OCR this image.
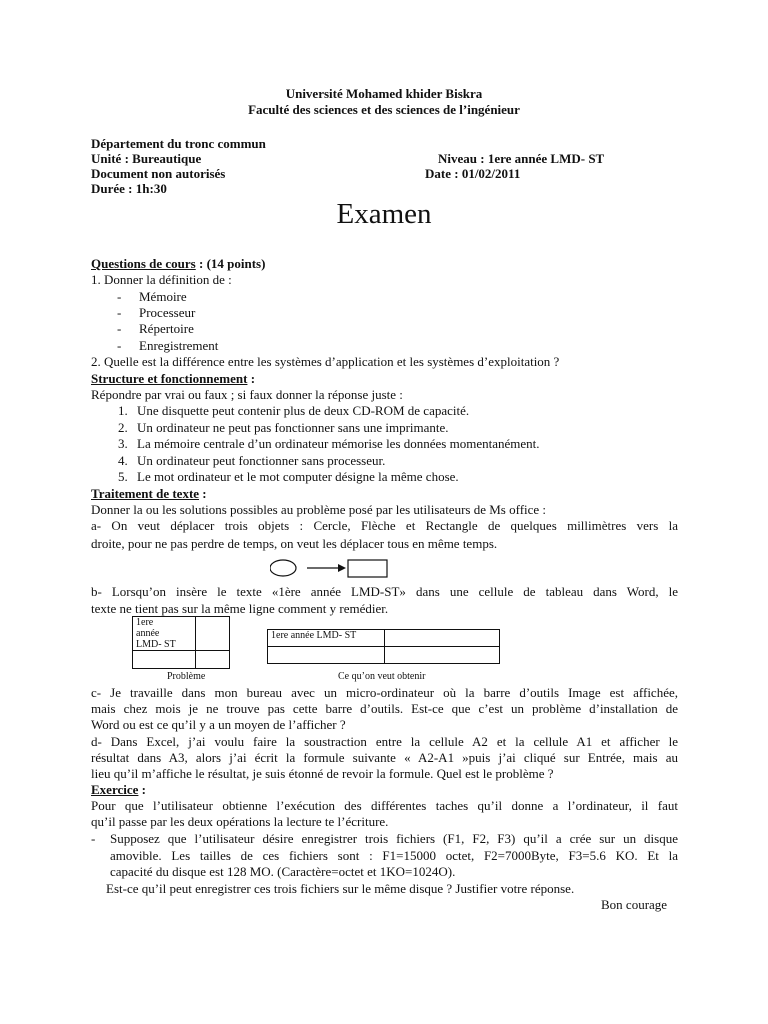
Université Mohamed khider Biskra
Faculté des sciences et des sciences de l’ingénieur
Département du tronc commun
Unité : Bureautique	Niveau : 1ere année LMD- ST
Document non autorisés	Date : 01/02/2011
Durée : 1h:30
Examen
Questions de cours : (14 points)
1. Donner la définition de :
- Mémoire
- Processeur
- Répertoire
- Enregistrement
2. Quelle est la différence entre les systèmes d’application et les systèmes d’exploitation ?
Structure et fonctionnement :
Répondre par vrai ou faux ; si faux donner la réponse juste :
1. Une disquette peut contenir plus de deux CD-ROM de capacité.
2. Un ordinateur ne peut pas fonctionner sans une imprimante.
3. La mémoire centrale d’un ordinateur mémorise les données momentanément.
4. Un ordinateur peut fonctionner sans processeur.
5. Le mot ordinateur et le mot computer désigne la même chose.
Traitement de texte :
Donner la ou les solutions possibles au problème posé par les utilisateurs de Ms office :
a- On veut déplacer trois objets : Cercle, Flèche et Rectangle de quelques millimètres vers la
droite, pour ne pas perdre de temps, on veut les déplacer tous en même temps.
b- Lorsqu’on insère le texte «1ère année LMD-ST» dans une cellule de tableau dans Word, le
texte ne tient pas sur la même ligne comment y remédier.
1ere
année
LMD- ST	

Problème
1ere année LMD- ST	

Ce qu’on veut obtenir
c- Je travaille dans mon bureau avec un micro-ordinateur où la barre d’outils Image est affichée,
mais chez mois je ne trouve pas cette barre d’outils. Est-ce que c’est un problème d’installation de
Word ou est ce qu’il y a un moyen de l’afficher ?
d- Dans Excel, j’ai voulu faire la soustraction entre la cellule A2 et la cellule A1 et afficher le
résultat dans A3, alors j’ai écrit la formule suivante « A2-A1 »puis j’ai cliqué sur Entrée, mais au
lieu qu’il m’affiche le résultat, je suis étonné de revoir la formule. Quel est le problème ?
Exercice :
Pour que l’utilisateur obtienne l’exécution des différentes taches qu’il donne a l’ordinateur, il faut
qu’il passe par les deux opérations la lecture te l’écriture.
- Supposez que l’utilisateur désire enregistrer trois fichiers (F1, F2, F3) qu’il a crée sur un disque
amovible. Les tailles de ces fichiers sont : F1=15000 octet, F2=7000Byte, F3=5.6 KO. Et la
capacité du disque est 128 MO. (Caractère=octet et 1KO=1024O).
Est-ce qu’il peut enregistrer ces trois fichiers sur le même disque ? Justifier votre réponse.
Bon courage
